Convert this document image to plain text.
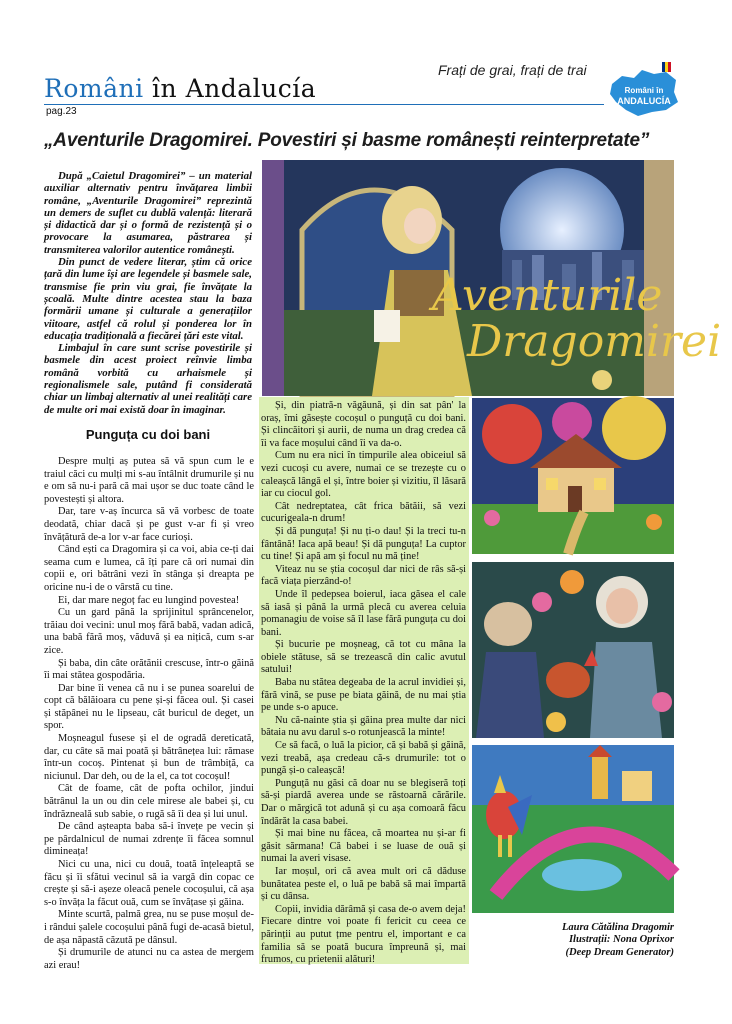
Români în Andalucía
pag.23
Frați de grai, frați de trai
Români în
ANDALUCÍA
„Aventurile Dragomirei. Povestiri și basme românești reinterpretate”

După „Caietul Dragomirei” – un material auxiliar alternativ pentru învățarea limbii române, „Aventurile Dragomirei” reprezintă un demers de suflet cu dublă valență: literară și didactică dar și o formă de rezistență și o provocare la asumarea, păstrarea și transmiterea valorilor autentice românești.

Din punct de vedere literar, știm că orice țară din lume își are legendele și basmele sale, transmise fie prin viu grai, fie învățate la școală. Multe dintre acestea stau la baza formării umane și culturale a generațiilor viitoare, astfel că rolul și ponderea lor în educația tradițională a fiecărei țări este vital.

Limbajul în care sunt scrise povestirile și basmele din acest proiect reînvie limba română vorbită cu arhaismele și regionalismele sale, putând fi considerată chiar un limbaj alternativ al unei realități care de multe ori mai există doar în imaginar.

Aventurile
Dragomirei
Punguța cu doi bani

Despre mulți aș putea să vă spun cum le e traiul căci cu mulți mi s-au întâlnit drumurile și nu e om să nu-i pară că mai ușor se duc toate când le povestești și altora.

Dar, tare v-aș încurca să vă vorbesc de toate deodată, chiar dacă și pe gust v-ar fi și vreo învățătură de-a lor v-ar face curioși.

Când ești ca Dragomira și ca voi, abia ce-ți dai seama cum e lumea, că îți pare că ori numai din copii e, ori bătrâni vezi în stânga și dreapta pe oricine nu-i de o vârstă cu tine.

Ei, dar mare negoț fac eu lungind povestea!

Cu un gard până la sprijinitul sprâncenelor, trăiau doi vecini: unul moș fără babă, vadan adică, una babă fără moș, văduvă și ea nițică, cum s-ar zice.

Și baba, din câte orătănii crescuse, într-o găină îi mai stătea gospodăria.

Dar bine îi venea că nu i se punea soarelui de copt că bălăioara cu pene și-și făcea oul. Și casei și stăpânei nu le lipseau, cât buricul de deget, un spor.

Moșneagul fusese și el de ogradă dereticată, dar, cu câte să mai poată și bătrânețea lui: rămase într-un cocoș. Pintenat și bun de trâmbiță, ca niciunul. Dar deh, ou de la el, ca tot cocoșul!

Cât de foame, cât de pofta ochilor, jindui bătrânul la un ou din cele mirese ale babei și, cu îndrăzneală sub sabie, o rugă să îi dea și lui unul.

De când așteapta baba să-i învețe pe vecin și pe pârdalnicul de numai zdrențe îi făcea somnul dimineața!

Nici cu una, nici cu două, toată înțeleaptă se făcu și îi sfătui vecinul să ia vargă din copac ce crește și să-i așeze oleacă penele cocoșului, că așa s-o învăța la făcut ouă, cum se învățase și găina.

Minte scurtă, palmă grea, nu se puse moșul de-i rândui șalele cocoșului până fugi de-acasă bietul, de așa năpastă căzută pe dânsul.

Și drumurile de atunci nu ca astea de mergem azi erau!

Și, din piatră-n văgăună, și din sat pân' la oraș, îmi găsește cocoșul o punguță cu doi bani. Și clincăitori și aurii, de numa un drag credea că îi va face moșului când îi va da-o.

Cum nu era nici în timpurile alea obiceiul să vezi cucoși cu avere, numai ce se trezește cu o caleașcă lângă el și, între boier și vizitiu, îl lăsară iar cu ciocul gol.

Cât nedreptatea, cât frica bătăii, să vezi cucurigeala-n drum!

Și dă punguța! Și nu ți-o dau! Și la treci tu-n fântână! Iaca apă beau! Și dă punguța! La cuptor cu tine! Și apă am și focul nu mă ține!

Viteaz nu se știa cocoșul dar nici de râs să-și facă viața pierzând-o!

Unde îl pedepsea boierul, iaca găsea el cale să iasă și până la urmă plecă cu averea celuia pomanagiu de voise să îl lase fără punguța cu doi bani.

Și bucurie pe moșneag, că tot cu mâna la obiele stătuse, să se trezească din calic avutul satului!

Baba nu stătea degeaba de la acrul invidiei și, fără vină, se puse pe biata găină, de nu mai știa pe unde s-o apuce.

Nu că-nainte știa și găina prea multe dar nici bătaia nu avu darul s-o rotunjească la minte!

Ce să facă, o luă la picior, că și babă și găină, vezi treabă, așa credeau că-s drumurile: tot o pungă și-o caleașcă!

Punguță nu găsi că doar nu se blegiseră toți să-și piardă averea unde se răstoarnă cărările. Dar o mărgică tot adună și cu așa comoară făcu îndărăt la casa babei.

Și mai bine nu făcea, că moartea nu și-ar fi găsit sărmana! Că babei i se luase de ouă și numai la averi visase.

Iar moșul, ori că avea mult ori că dăduse bunătatea peste el, o luă pe babă să mai împartă și cu dânsa.

Copii, invidia dărâmă și casa de-o avem deja! Fiecare dintre voi poate fi fericit cu ceea ce părinții au putut țme pentru el, important e ca familia să se poată bucura împreună și, mai frumos, cu prietenii alături!

Laura Cătălina Dragomir
Ilustrații: Nona Oprixor
(Deep Dream Generator)
